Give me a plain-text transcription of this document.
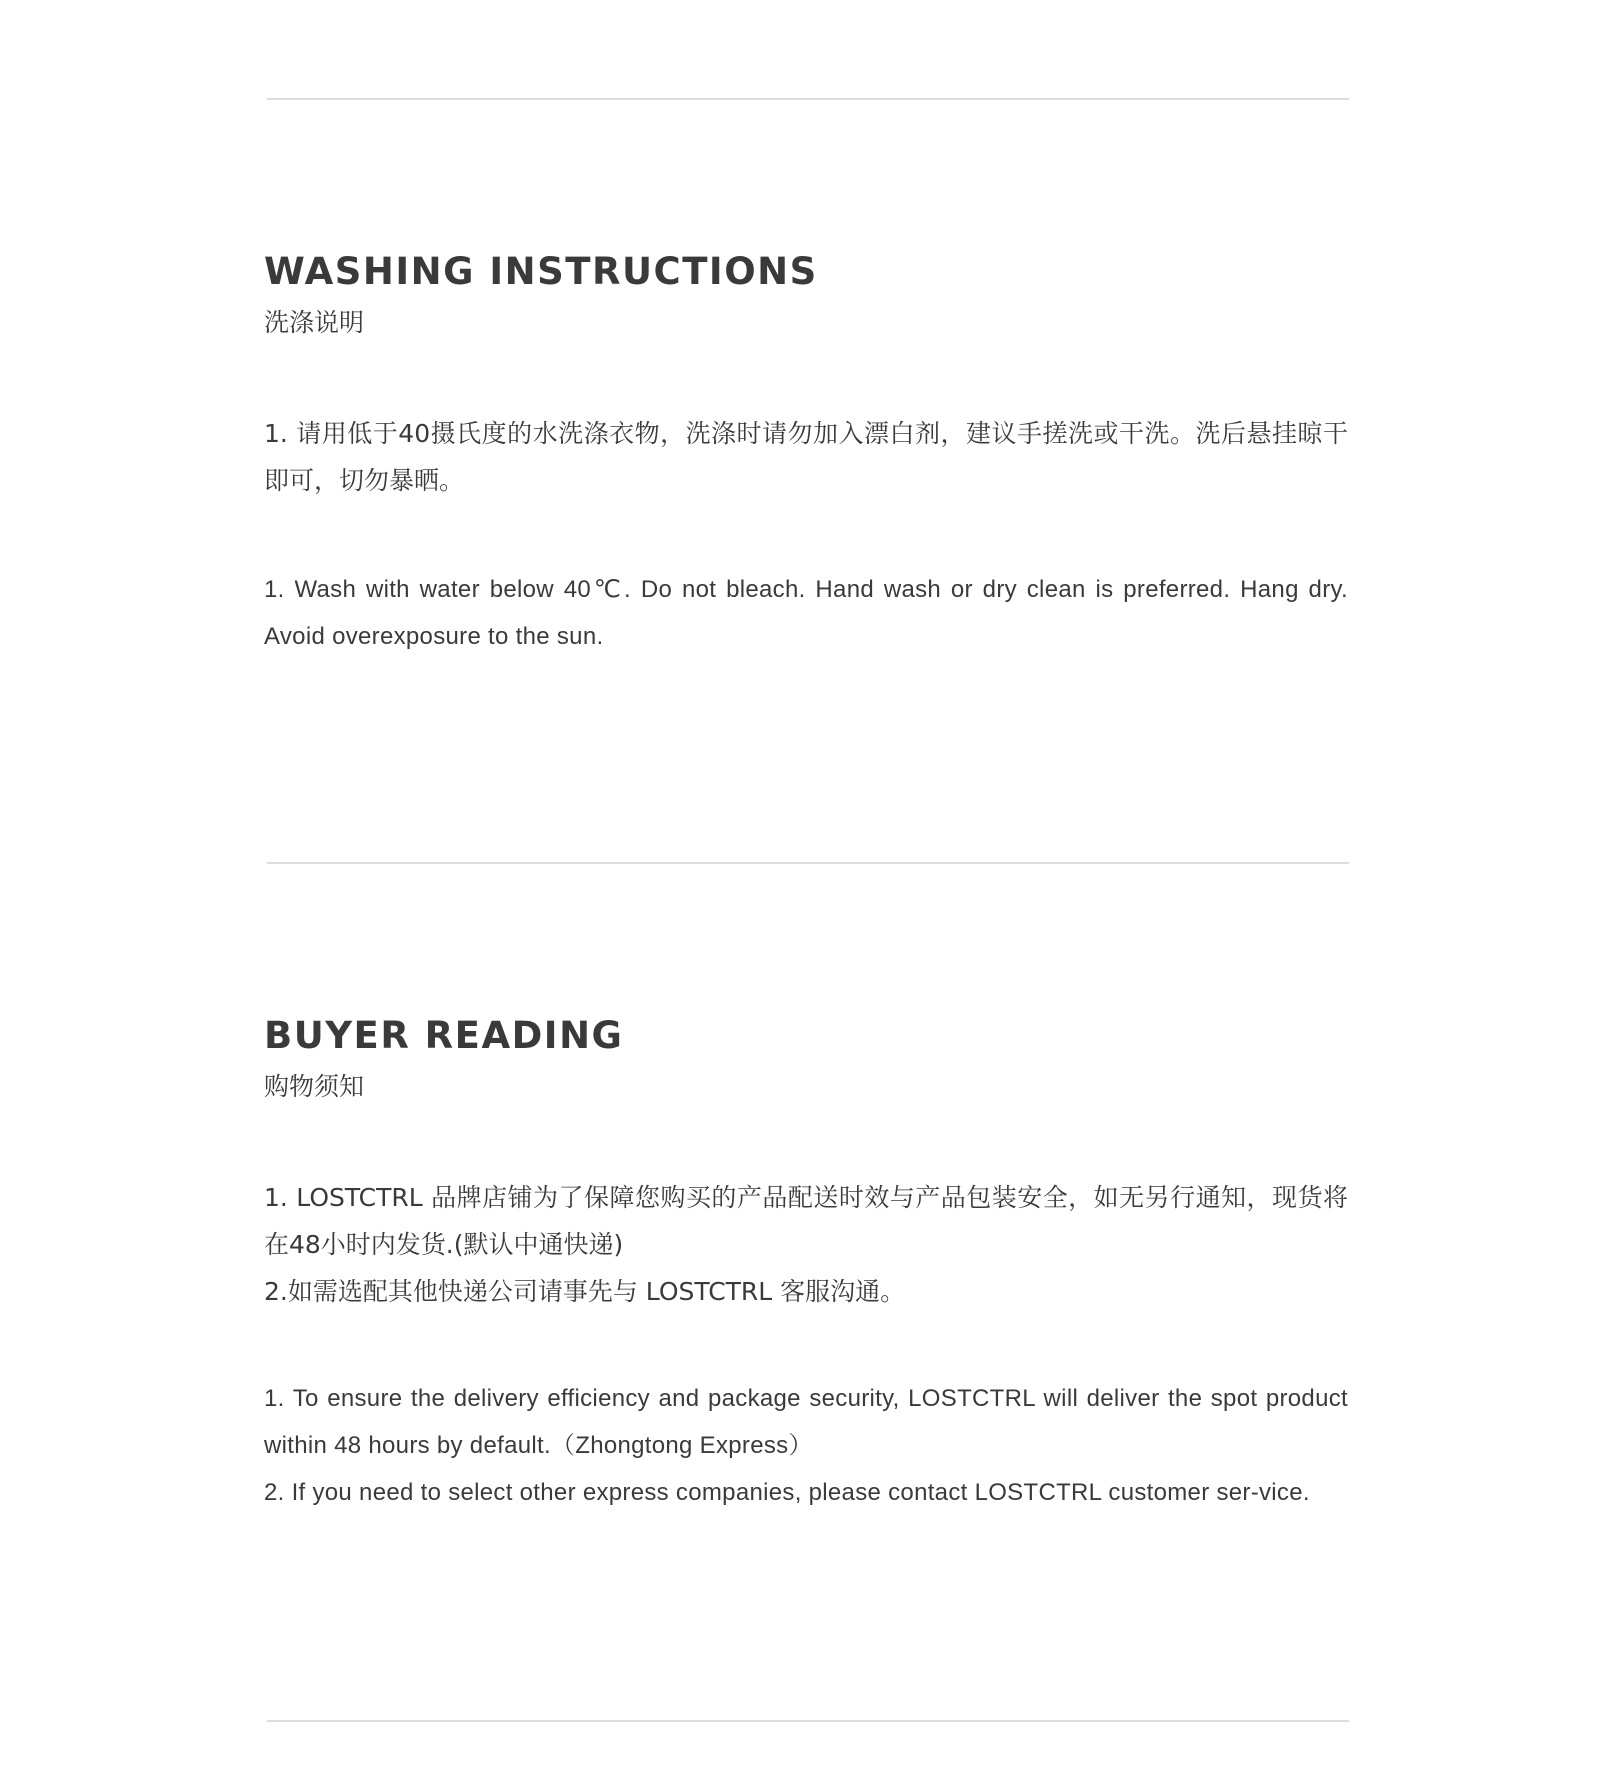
WASHING INSTRUCTIONS
洗涤说明

1. 请用低于40摄氏度的水洗涤衣物，洗涤时请勿加入漂白剂，建议手搓洗或干洗。洗后悬挂晾干即可，切勿暴晒。

1. Wash with water below 40℃. Do not bleach. Hand wash or dry clean is preferred. Hang dry. Avoid overexposure to the sun.

BUYER READING
购物须知

1. LOSTCTRL 品牌店铺为了保障您购买的产品配送时效与产品包装安全，如无另行通知，现货将在48小时内发货.(默认中通快递)

2.如需选配其他快递公司请事先与 LOSTCTRL 客服沟通。

1. To ensure the delivery efficiency and package security, LOSTCTRL will deliver the spot product within 48 hours by default.（Zhongtong Express）

2. If you need to select other express companies, please contact LOSTCTRL customer ser-vice.
